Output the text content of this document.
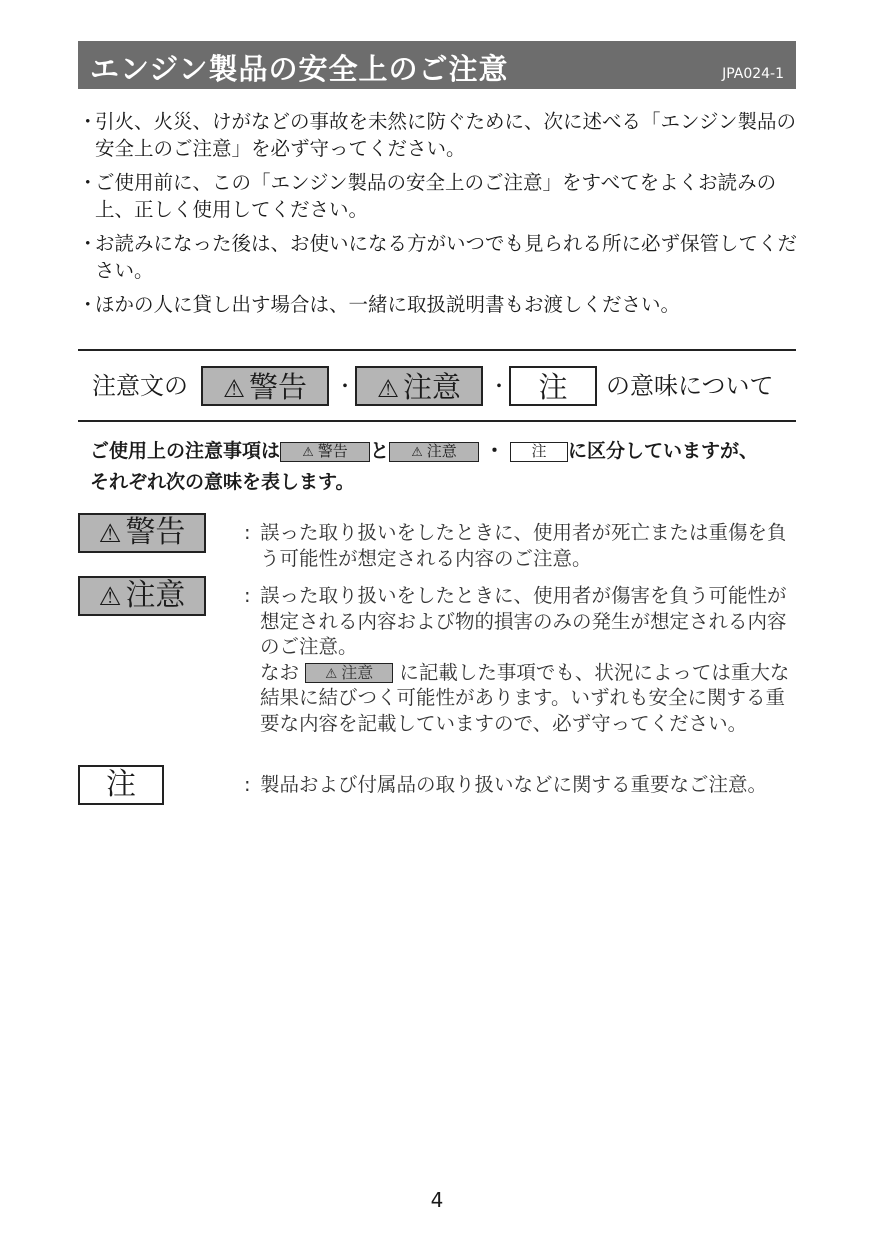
エンジン製品の安全上のご注意	JPA024-1
・
引火、火災、けがなどの事故を未然に防ぐために、次に述べる「エンジン製品の安全上のご注意」を必ず守ってください。
・
ご使用前に、この「エンジン製品の安全上のご注意」をすべてをよくお読みの上、正しく使用してください。
・
お読みになった後は、お使いになる方がいつでも見られる所に必ず保管してください。
・
ほかの人に貸し出す場合は、一緒に取扱説明書もお渡しください。
注意文の	⚠ 警告	・ ⚠ 注意	・	注	の意味について
ご使用上の注意事項は ⚠ 警告 と ⚠ 注意 ・ 注 に区分していますが、
それぞれ次の意味を表します。
⚠ 警告	: 誤った取り扱いをしたときに、使用者が死亡または重傷を負う可能性が想定される内容のご注意。
⚠ 注意	: 誤った取り扱いをしたときに、使用者が傷害を負う可能性が想定される内容および物的損害のみの発生が想定される内容のご注意。
なお ⚠ 注意 に記載した事項でも、状況によっては重大な結果に結びつく可能性があります。いずれも安全に関する重要な内容を記載していますので、必ず守ってください。
注	: 製品および付属品の取り扱いなどに関する重要なご注意。
4
